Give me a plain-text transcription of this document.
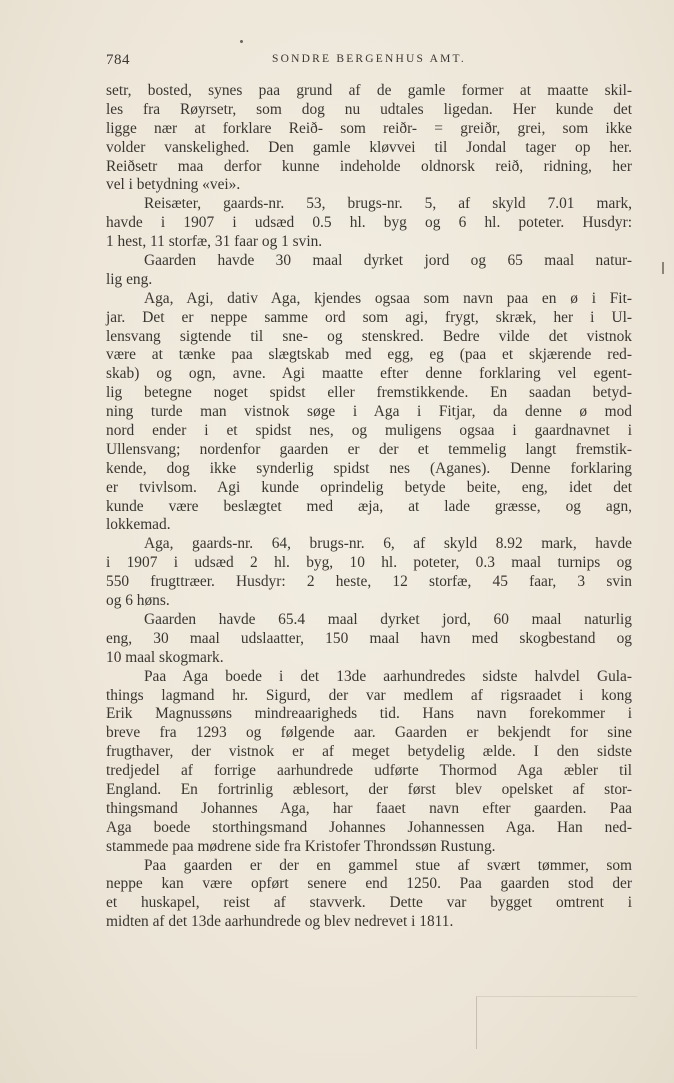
784	SONDRE BERGENHUS AMT.
setr, bosted, synes paa grund af de gamle former at maatte skil-
les fra Røyrsetr, som dog nu udtales ligedan. Her kunde det
ligge nær at forklare Reið- som reiðr- = greiðr, grei, som ikke
volder vanskelighed. Den gamle kløvvei til Jondal tager op her.
Reiðsetr maa derfor kunne indeholde oldnorsk reið, ridning, her
vel i betydning «vei».
Reisæter, gaards-nr. 53, brugs-nr. 5, af skyld 7.01 mark,
havde i 1907 i udsæd 0.5 hl. byg og 6 hl. poteter. Husdyr:
1 hest, 11 storfæ, 31 faar og 1 svin.
Gaarden havde 30 maal dyrket jord og 65 maal natur-
lig eng.
Aga, Agi, dativ Aga, kjendes ogsaa som navn paa en ø i Fit-
jar. Det er neppe samme ord som agi, frygt, skræk, her i Ul-
lensvang sigtende til sne- og stenskred. Bedre vilde det vistnok
være at tænke paa slægtskab med egg, eg (paa et skjærende red-
skab) og ogn, avne. Agi maatte efter denne forklaring vel egent-
lig betegne noget spidst eller fremstikkende. En saadan betyd-
ning turde man vistnok søge i Aga i Fitjar, da denne ø mod
nord ender i et spidst nes, og muligens ogsaa i gaardnavnet i
Ullensvang; nordenfor gaarden er der et temmelig langt fremstik-
kende, dog ikke synderlig spidst nes (Aganes). Denne forklaring
er tvivlsom. Agi kunde oprindelig betyde beite, eng, idet det
kunde være beslægtet med æja, at lade græsse, og agn,
lokkemad.
Aga, gaards-nr. 64, brugs-nr. 6, af skyld 8.92 mark, havde
i 1907 i udsæd 2 hl. byg, 10 hl. poteter, 0.3 maal turnips og
550 frugttræer. Husdyr: 2 heste, 12 storfæ, 45 faar, 3 svin
og 6 høns.
Gaarden havde 65.4 maal dyrket jord, 60 maal naturlig
eng, 30 maal udslaatter, 150 maal havn med skogbestand og
10 maal skogmark.
Paa Aga boede i det 13de aarhundredes sidste halvdel Gula-
things lagmand hr. Sigurd, der var medlem af rigsraadet i kong
Erik Magnussøns mindreaarigheds tid. Hans navn forekommer i
breve fra 1293 og følgende aar. Gaarden er bekjendt for sine
frugthaver, der vistnok er af meget betydelig ælde. I den sidste
tredjedel af forrige aarhundrede udførte Thormod Aga æbler til
England. En fortrinlig æblesort, der først blev opelsket af stor-
thingsmand Johannes Aga, har faaet navn efter gaarden. Paa
Aga boede storthingsmand Johannes Johannessen Aga. Han ned-
stammede paa mødrene side fra Kristofer Throndssøn Rustung.
Paa gaarden er der en gammel stue af svært tømmer, som
neppe kan være opført senere end 1250. Paa gaarden stod der
et huskapel, reist af stavverk. Dette var bygget omtrent i
midten af det 13de aarhundrede og blev nedrevet i 1811.
